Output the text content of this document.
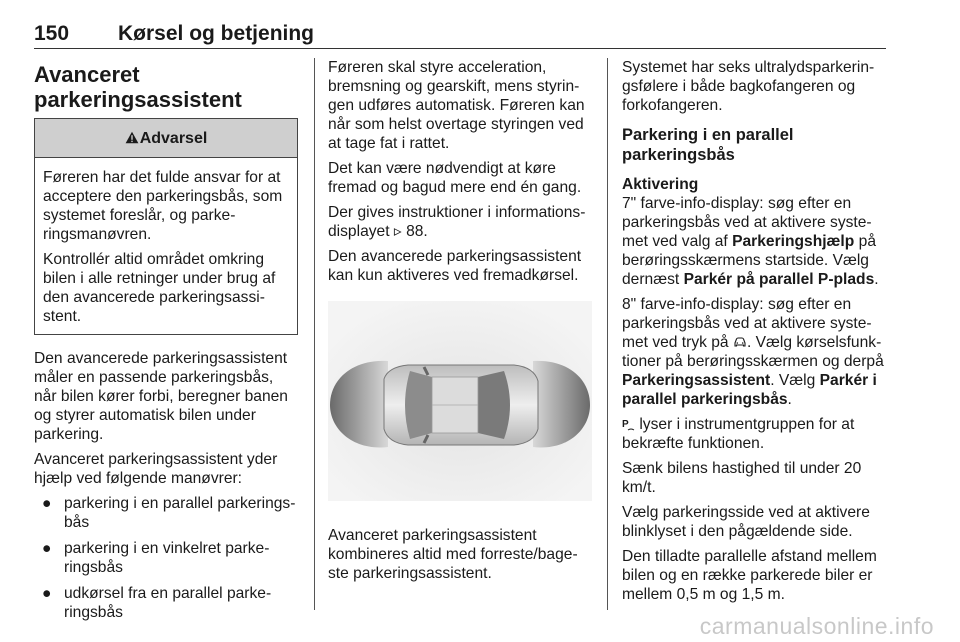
150 Kørsel og betjening
Avanceret
parkeringsassistent
Advarsel

Føreren har det fulde ansvar for at acceptere den parkeringsbås, som systemet foreslår, og parkeringsmanøvren.

Kontrollér altid området omkring bilen i alle retninger under brug af den avancerede parkeringsassistent.

Den avancerede parkeringsassistent måler en passende parkeringsbås, når bilen kører forbi, beregner banen og styrer automatisk bilen under parkering.

Avanceret parkeringsassistent yder hjælp ved følgende manøvrer:

● parkering i en parallel parkeringsbås
● parkering i en vinkelret parkeringsbås
● udkørsel fra en parallel parkeringsbås

Føreren skal styre acceleration, bremsning og gearskift, mens styringen udføres automatisk. Føreren kan når som helst overtage styringen ved at tage fat i rattet.

Det kan være nødvendigt at køre fremad og bagud mere end én gang.

Der gives instruktioner i informationsdisplayet ▹ 88.

Den avancerede parkeringsassistent kan kun aktiveres ved fremadkørsel.

Avanceret parkeringsassistent kombineres altid med forreste/bageste parkeringsassistent.

Systemet har seks ultralydsparkeringsfølere i både bagkofangeren og forkofangeren.

Parkering i en parallel parkeringsbås
Aktivering

7" farve-info-display: søg efter en parkeringsbås ved at aktivere systemet ved valg af Parkeringshjælp på berøringsskærmens startside. Vælg dernæst Parkér på parallel P-plads.

8" farve-info-display: søg efter en parkeringsbås ved at aktivere systemet ved tryk på . Vælg kørselsfunktioner på berøringsskærmen og derpå Parkeringsassistent. Vælg Parkér i parallel parkeringsbås.

P lyser i instrumentgruppen for at bekræfte funktionen.

Sænk bilens hastighed til under 20 km/t.

Vælg parkeringsside ved at aktivere blinklyset i den pågældende side.

Den tilladte parallelle afstand mellem bilen og en række parkerede biler er mellem 0,5 m og 1,5 m.

carmanualsonline.info
